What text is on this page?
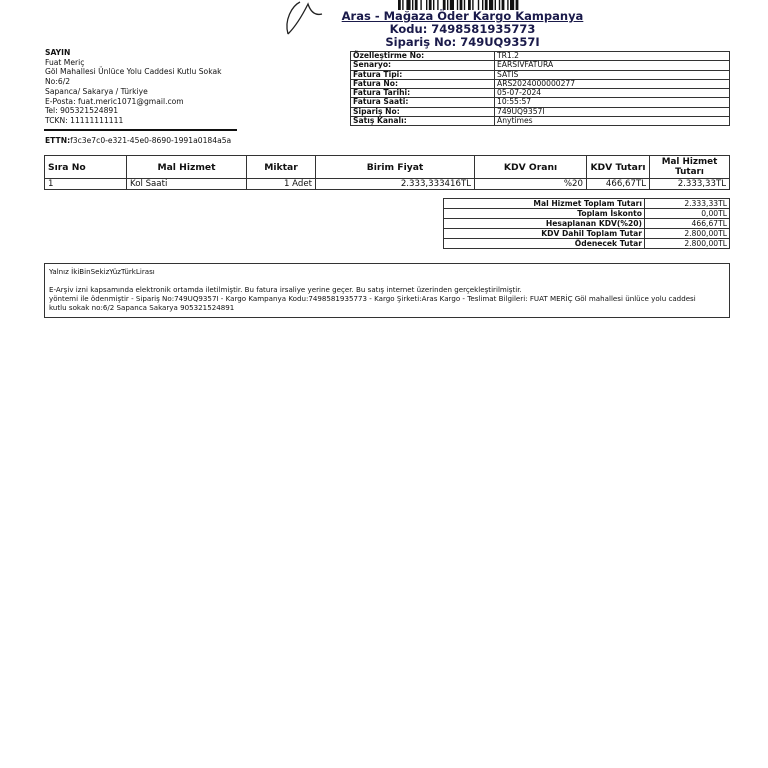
Aras - Mağaza Öder Kargo Kampanya
Kodu: 7498581935773
Sipariş No: 749UQ9357I
SAYIN
Fuat Meriç
Göl Mahallesi Ünlüce Yolu Caddesi Kutlu Sokak
No:6/2
Sapanca/ Sakarya / Türkiye
E-Posta: fuat.meric1071@gmail.com
Tel: 905321524891
TCKN: 11111111111
ETTN:f3c3e7c0-e321-45e0-8690-1991a0184a5a
Özelleştirme No:	TR1.2
Senaryo:	EARSIVFATURA
Fatura Tipi:	SATIS
Fatura No:	ARS2024000000277
Fatura Tarihi:	05-07-2024
Fatura Saati:	10:55:57
Sipariş No:	749UQ9357I
Satış Kanalı:	Anytimes
Sıra No	Mal Hizmet	Miktar	Birim Fiyat	KDV Oranı	KDV Tutarı	Mal Hizmet
Tutarı

1	Kol Saati	1 Adet	2.333,333416TL	%20	466,67TL	2.333,33TL
Mal Hizmet Toplam Tutarı	2.333,33TL
Toplam İskonto	0,00TL
Hesaplanan KDV(%20)	466,67TL
KDV Dahil Toplam Tutar	2.800,00TL
Ödenecek Tutar	2.800,00TL

Yalnız İkiBinSekizYüzTürkLirası

E-Arşiv izni kapsamında elektronik ortamda iletilmiştir. Bu fatura irsaliye yerine geçer. Bu satış internet üzerinden gerçekleştirilmiştir.

yöntemi ile ödenmiştir - Sipariş No:749UQ9357I - Kargo Kampanya Kodu:7498581935773 - Kargo Şirketi:Aras Kargo - Teslimat Bilgileri: FUAT MERİÇ Göl mahallesi ünlüce yolu caddesi

kutlu sokak no:6/2 Sapanca Sakarya 905321524891
